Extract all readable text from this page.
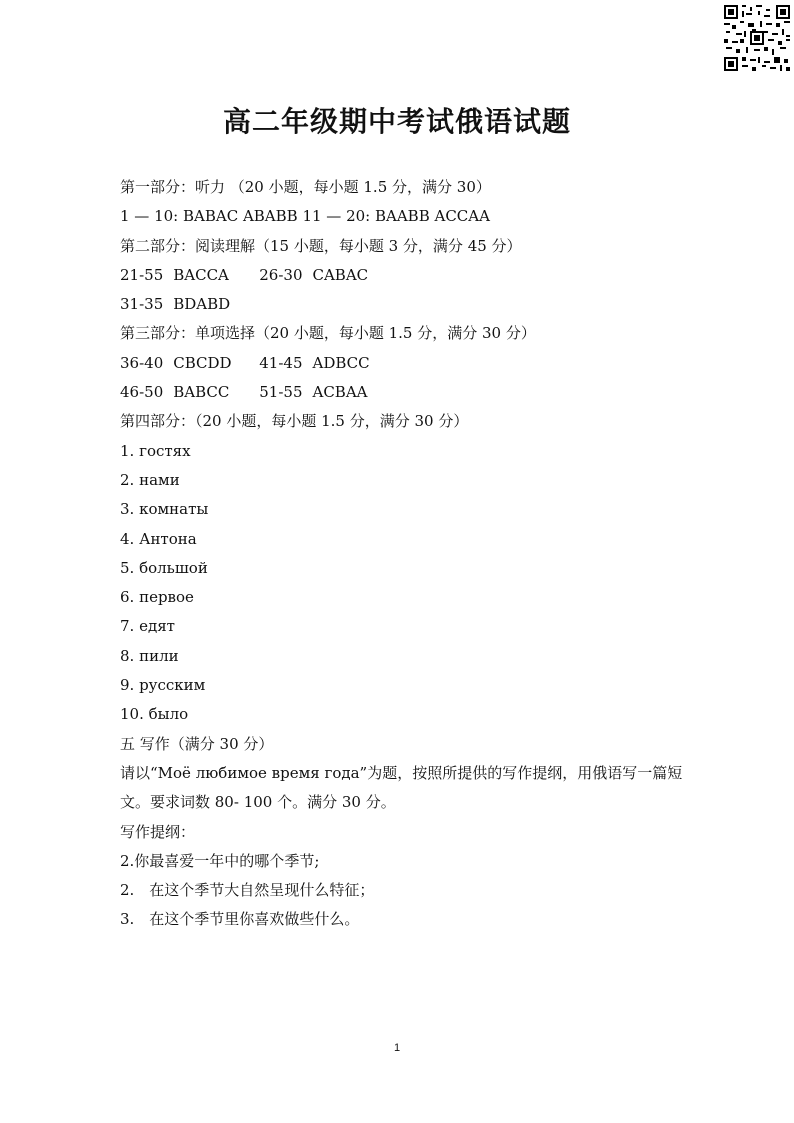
高二年级期中考试俄语试题
第一部分：听力 （20 小题，每小题 1.5 分，满分 30）
1 — 10: BABAC ABABB 11 — 20: BAABB ACCAA
第二部分：阅读理解（15 小题，每小题 3 分，满分 45 分）
21-55 BACCA 26-30 CABAC
31-35 BDABD
第三部分：单项选择（20 小题，每小题 1.5 分，满分 30 分）
36-40 CBCDD 41-45 ADBCC
46-50 BABCC 51-55 ACBAA
第四部分：（20 小题，每小题 1.5 分，满分 30 分）
1. гостях
2. нами
3. комнаты
4. Антона
5. большой
6. первое
7. едят
8. пили
9. русским
10. было
五 写作（满分 30 分）
请以“Моё любимое время года”为题，按照所提供的写作提纲，用俄语写一篇短文。要求词数 80- 100 个。满分 30 分。
写作提纲：
2.你最喜爱一年中的哪个季节;
2.　在这个季节大自然呈现什么特征；
3.　在这个季节里你喜欢做些什么。
1
